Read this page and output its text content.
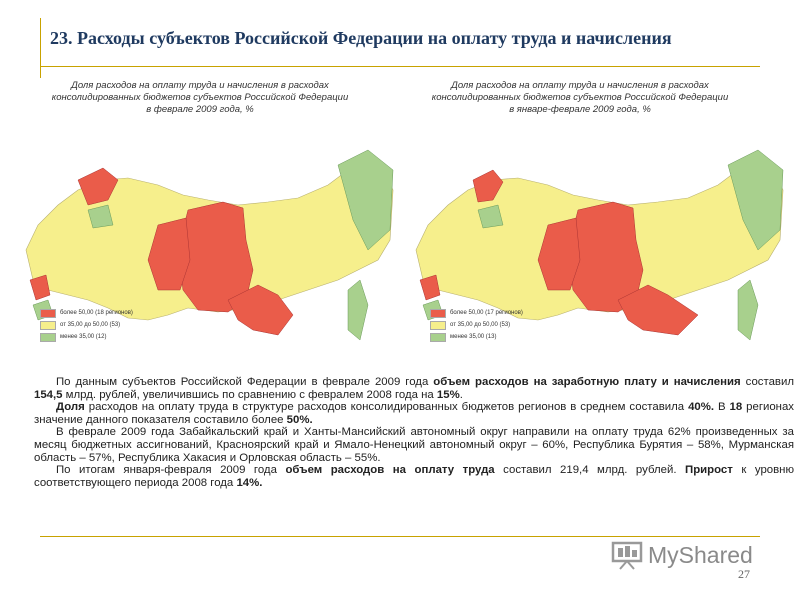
23. Расходы субъектов Российской Федерации на оплату труда и начисления
Доля расходов на оплату труда и начисления в расходах
консолидированных бюджетов субъектов Российской Федерации
в феврале 2009 года, %
Доля расходов на оплату труда и начисления в расходах
консолидированных бюджетов субъектов Российской Федерации
в январе-феврале 2009 года, %
более 50,00 (18 регионов)
от 35,00 до 50,00 (53)
менее 35,00 (12)
более 50,00 (17 регионов)
от 35,00 до 50,00 (53)
менее 35,00 (13)

По данным субъектов Российской Федерации в феврале 2009 года объем расходов на заработную плату и начисления составил 154,5 млрд. рублей, увеличившись по сравнению с февралем 2008 года на 15%.

Доля расходов на оплату труда в структуре расходов консолидированных бюджетов регионов в среднем составила 40%. В 18 регионах значение данного показателя составило более 50%.

В феврале 2009 года Забайкальский край и Ханты-Мансийский автономный округ направили на оплату труда 62% произведенных за месяц бюджетных ассигнований, Красноярский край и Ямало-Ненецкий автономный округ – 60%, Республика Бурятия – 58%, Мурманская область – 57%, Республика Хакасия и Орловская область – 55%.

По итогам января-февраля 2009 года объем расходов на оплату труда составил 219,4 млрд. рублей. Прирост к уровню соответствующего периода 2008 года 14%.

MyShared
27
